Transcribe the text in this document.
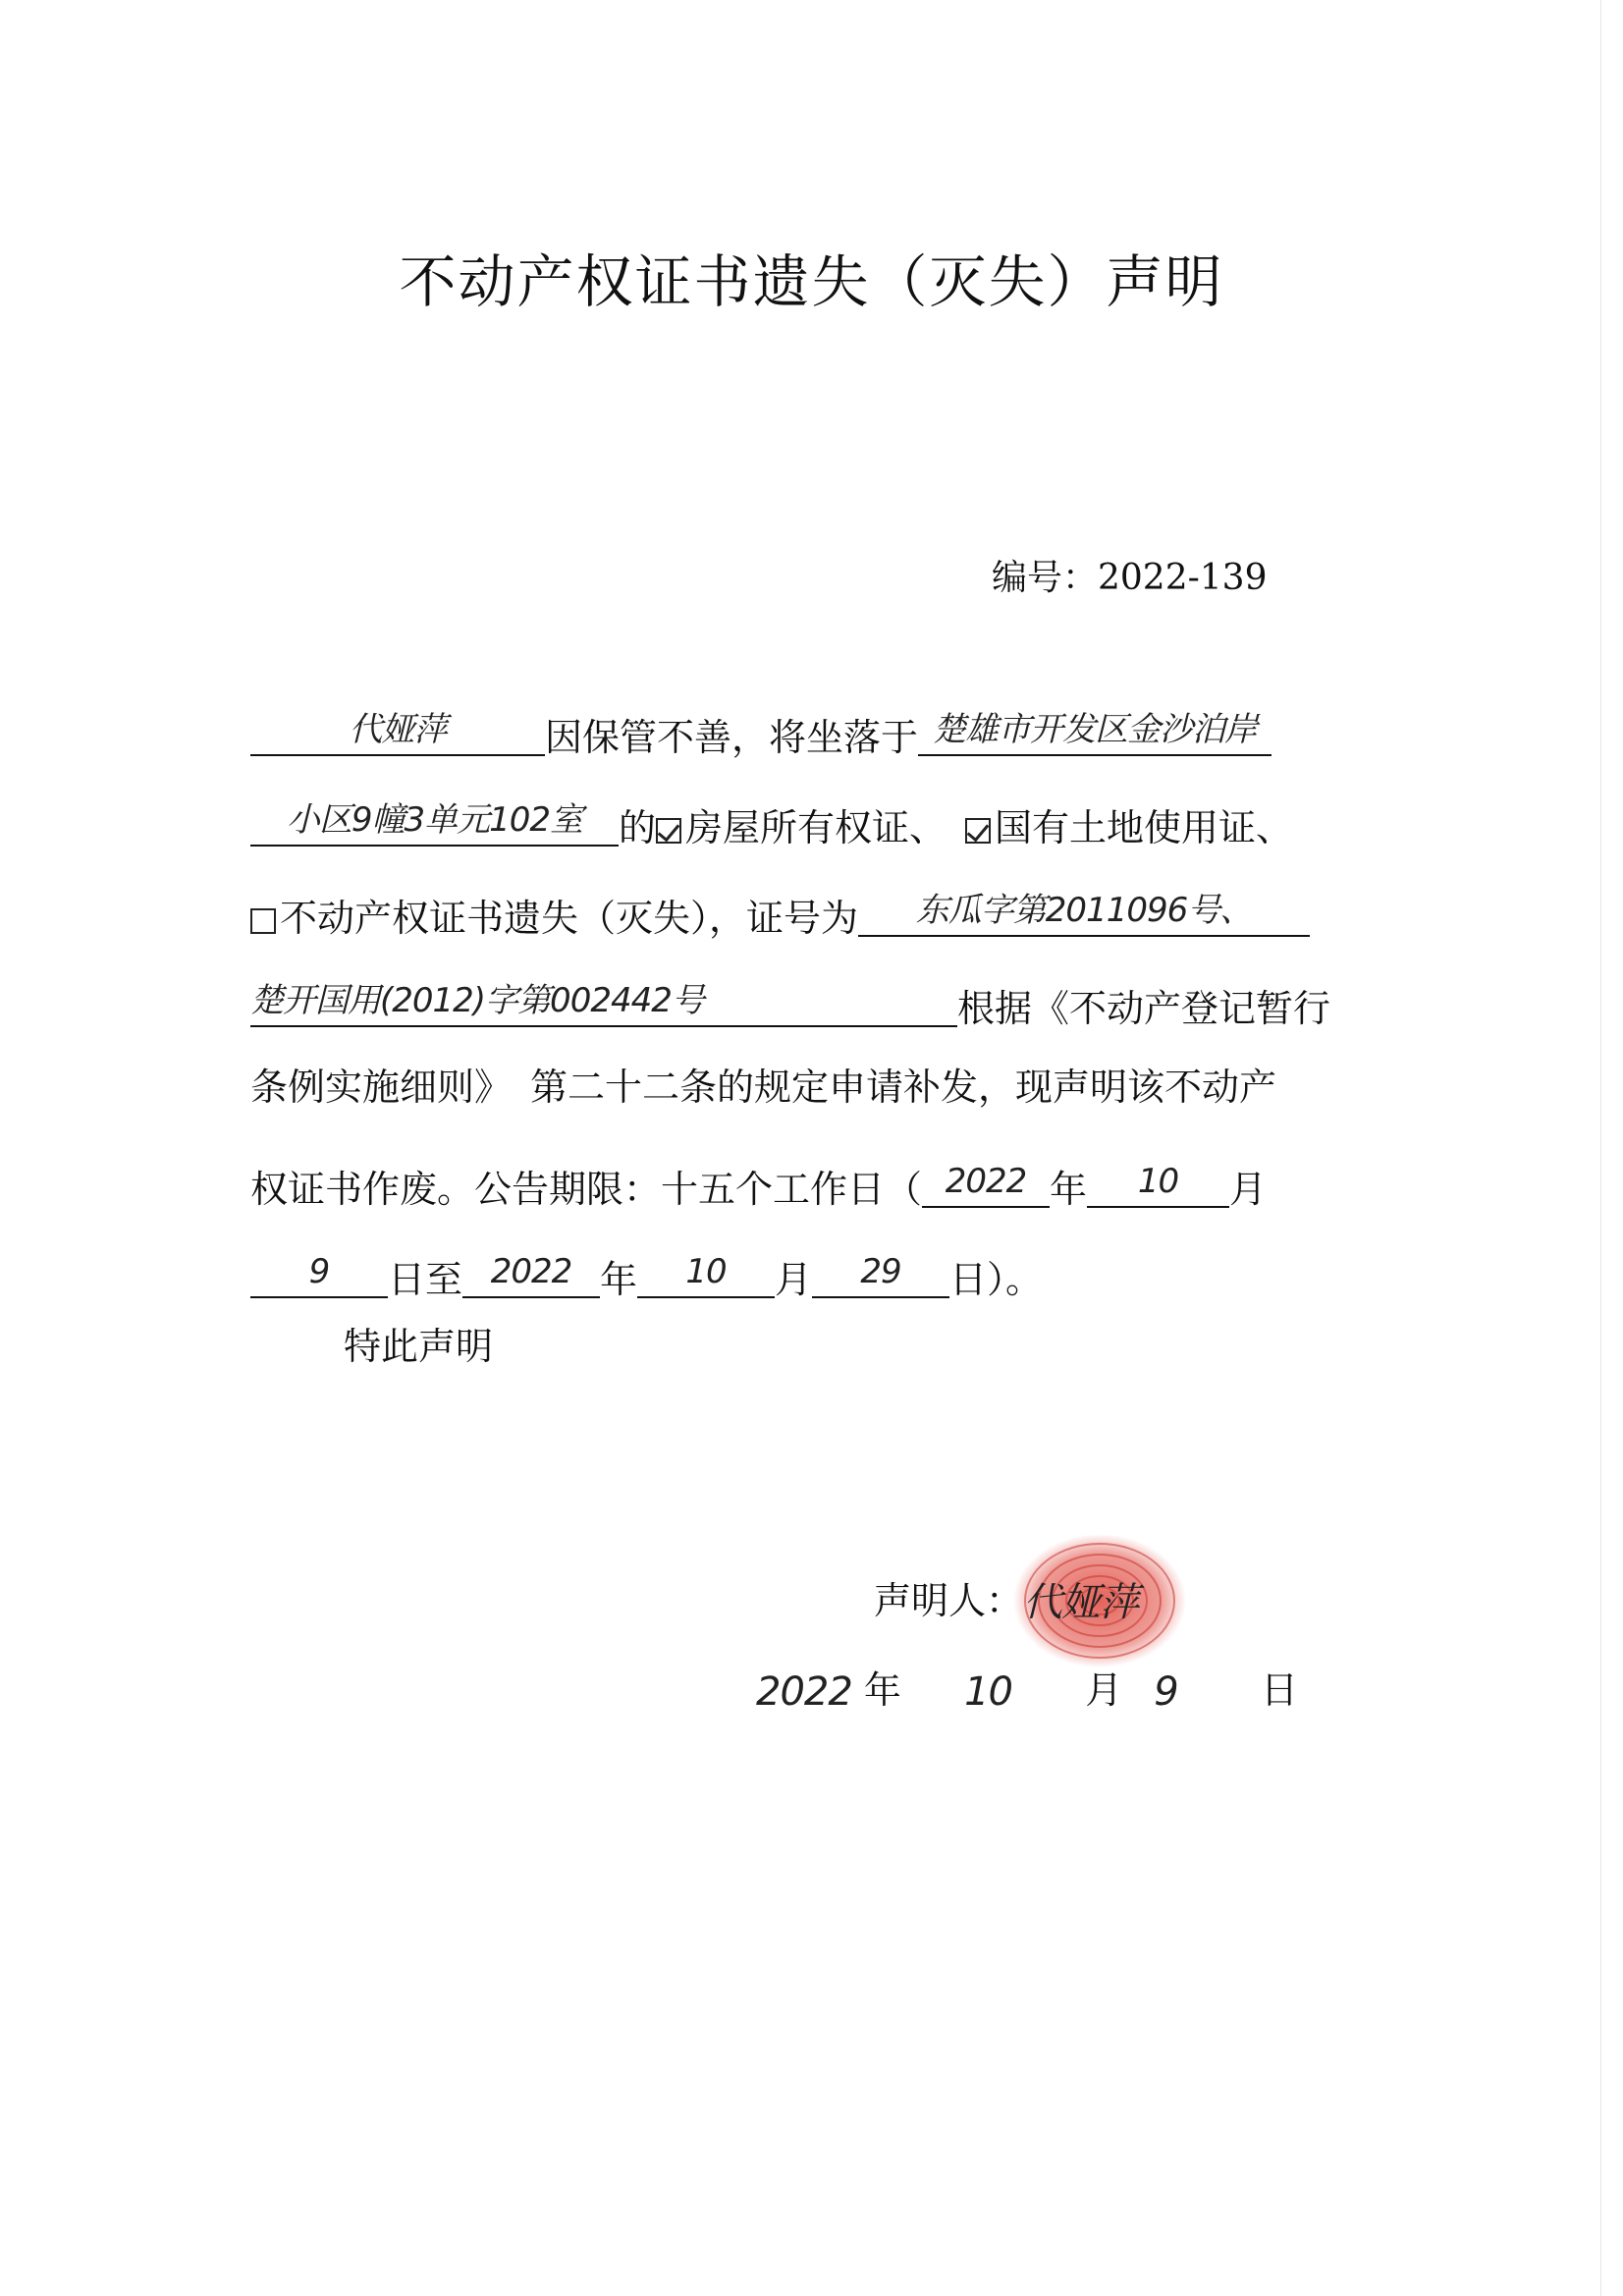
不动产权证书遗失（灭失）声明
编号：2022-139
代娅萍	因保管不善，将坐落于 楚雄市开发区金沙泊岸
小区9幢3单元102室 的 房屋所有权证、　 国有土地使用证、
不动产权证书遗失（灭失），证号为 东瓜字第2011096号、
楚开国用(2012)字第002442号	根据《不动产登记暂行
条例实施细则》　第二十二条的规定申请补发，现声明该不动产
权证书作废。公告期限：十五个工作日（ 2022 年 10 月
9 日至 2022 年 10 月 29 日）。
特此声明
声明人：代娅萍
2022 年 10 月 9 日
